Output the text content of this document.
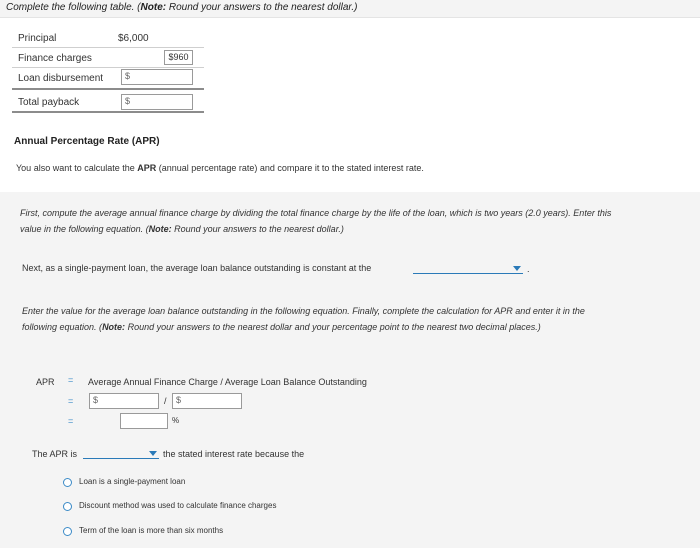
Complete the following table. (Note: Round your answers to the nearest dollar.)
Principal	$6,000
Finance charges	$960
Loan disbursement $
Total payback	$
Annual Percentage Rate (APR)
You also want to calculate the APR (annual percentage rate) and compare it to the stated interest rate.
First, compute the average annual finance charge by dividing the total finance charge by the life of the loan, which is two years (2.0 years). Enter this
value in the following equation. (Note: Round your answers to the nearest dollar.)
Next, as a single-payment loan, the average loan balance outstanding is constant at the	.
Enter the value for the average loan balance outstanding in the following equation. Finally, complete the calculation for APR and enter it in the
following equation. (Note: Round your answers to the nearest dollar and your percentage point to the nearest two decimal places.)
APR = Average Annual Finance Charge / Average Loan Balance Outstanding
= $	/ $
=	%
The APR is	the stated interest rate because the
Loan is a single-payment loan
Discount method was used to calculate finance charges
Term of the loan is more than six months
